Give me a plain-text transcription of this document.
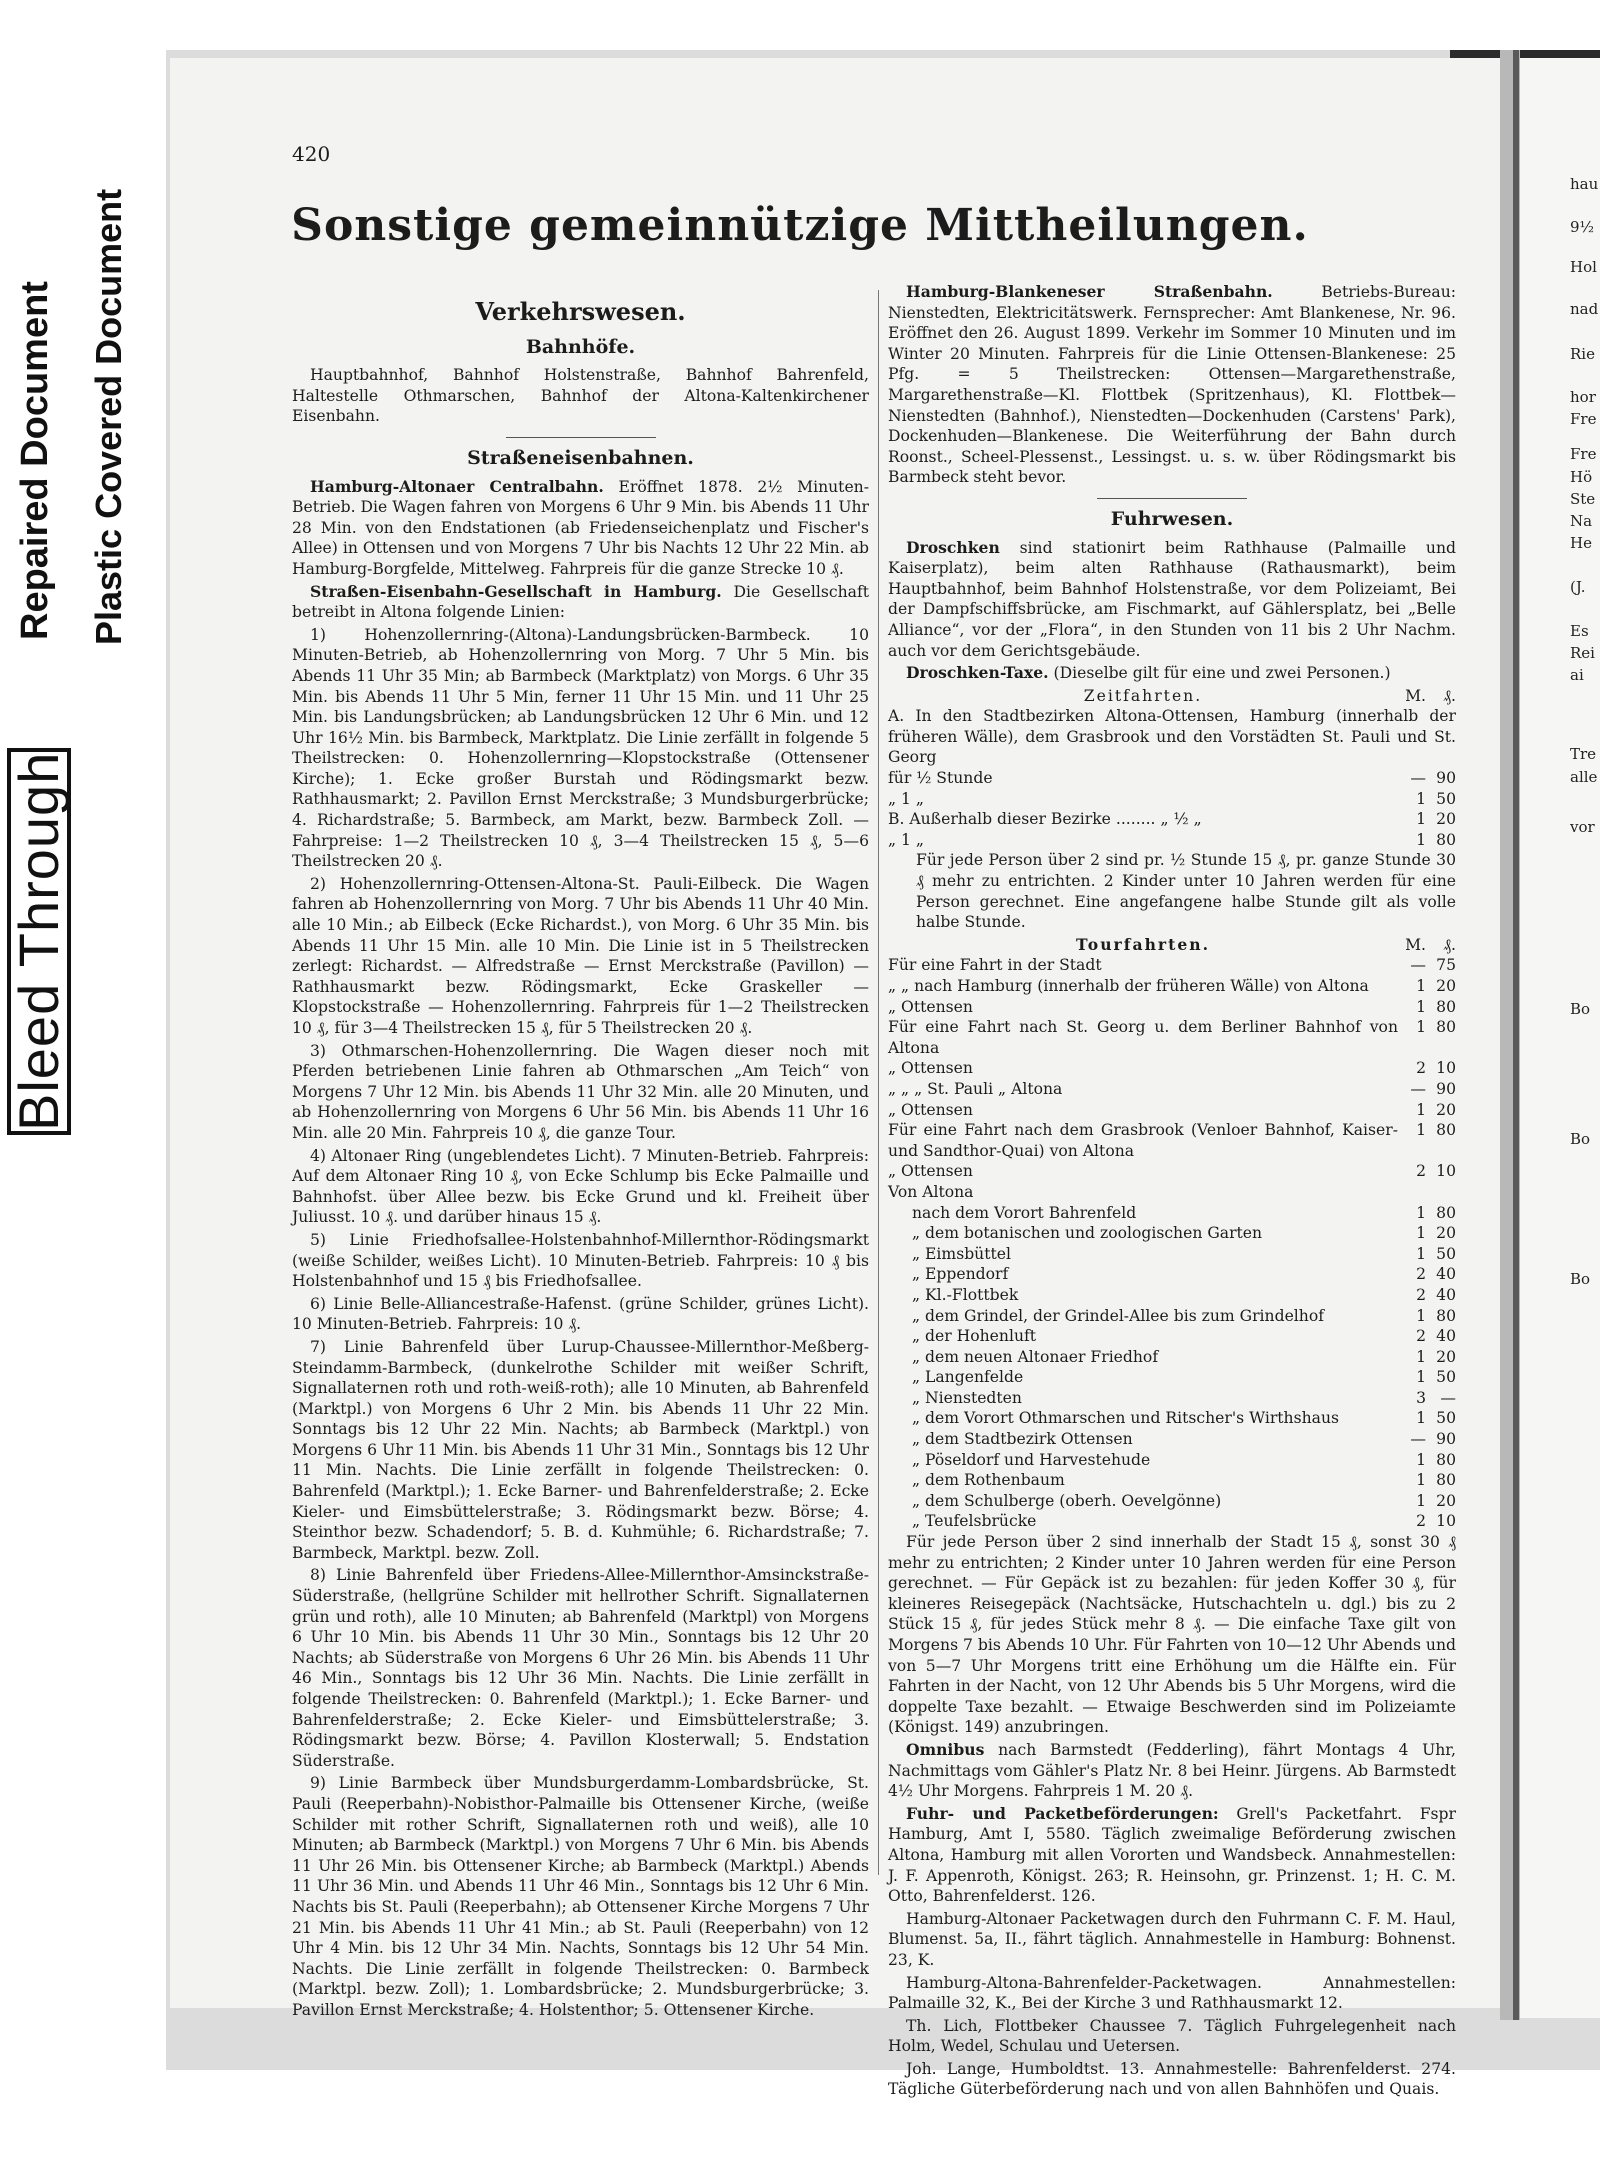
Repaired Document Plastic Covered Document
Bleed Through
420
Sonstige gemeinnützige Mittheilungen.
Verkehrswesen.
Bahnhöfe.

Hauptbahnhof, Bahnhof Holstenstraße, Bahnhof Bahrenfeld, Haltestelle Othmarschen, Bahnhof der Altona-Kaltenkirchener Eisenbahn.

Straßeneisenbahnen.

Hamburg-Altonaer Centralbahn. Eröffnet 1878. 2½ Minuten-Betrieb. Die Wagen fahren von Morgens 6 Uhr 9 Min. bis Abends 11 Uhr 28 Min. von den Endstationen (ab Friedenseichenplatz und Fischer's Allee) in Ottensen und von Morgens 7 Uhr bis Nachts 12 Uhr 22 Min. ab Hamburg-Borgfelde, Mittelweg. Fahrpreis für die ganze Strecke 10 ₰.

Straßen-Eisenbahn-Gesellschaft in Hamburg. Die Gesellschaft betreibt in Altona folgende Linien:

1) Hohenzollernring-(Altona)-Landungsbrücken-Barmbeck. 10 Minuten-Betrieb, ab Hohenzollernring von Morg. 7 Uhr 5 Min. bis Abends 11 Uhr 35 Min; ab Barmbeck (Marktplatz) von Morgs. 6 Uhr 35 Min. bis Abends 11 Uhr 5 Min, ferner 11 Uhr 15 Min. und 11 Uhr 25 Min. bis Landungsbrücken; ab Landungsbrücken 12 Uhr 6 Min. und 12 Uhr 16½ Min. bis Barmbeck, Marktplatz. Die Linie zerfällt in folgende 5 Theilstrecken: 0. Hohenzollernring—Klopstockstraße (Ottensener Kirche); 1. Ecke großer Burstah und Rödingsmarkt bezw. Rathhausmarkt; 2. Pavillon Ernst Merckstraße; 3 Mundsburgerbrücke; 4. Richardstraße; 5. Barmbeck, am Markt, bezw. Barmbeck Zoll. — Fahrpreise: 1—2 Theilstrecken 10 ₰, 3—4 Theilstrecken 15 ₰, 5—6 Theilstrecken 20 ₰.

2) Hohenzollernring-Ottensen-Altona-St. Pauli-Eilbeck. Die Wagen fahren ab Hohenzollernring von Morg. 7 Uhr bis Abends 11 Uhr 40 Min. alle 10 Min.; ab Eilbeck (Ecke Richardst.), von Morg. 6 Uhr 35 Min. bis Abends 11 Uhr 15 Min. alle 10 Min. Die Linie ist in 5 Theilstrecken zerlegt: Richardst. — Alfredstraße — Ernst Merckstraße (Pavillon) — Rathhausmarkt bezw. Rödingsmarkt, Ecke Graskeller — Klopstockstraße — Hohenzollernring. Fahrpreis für 1—2 Theilstrecken 10 ₰, für 3—4 Theilstrecken 15 ₰, für 5 Theilstrecken 20 ₰.

3) Othmarschen-Hohenzollernring. Die Wagen dieser noch mit Pferden betriebenen Linie fahren ab Othmarschen „Am Teich“ von Morgens 7 Uhr 12 Min. bis Abends 11 Uhr 32 Min. alle 20 Minuten, und ab Hohenzollernring von Morgens 6 Uhr 56 Min. bis Abends 11 Uhr 16 Min. alle 20 Min. Fahrpreis 10 ₰, die ganze Tour.

4) Altonaer Ring (ungeblendetes Licht). 7 Minuten-Betrieb. Fahrpreis: Auf dem Altonaer Ring 10 ₰, von Ecke Schlump bis Ecke Palmaille und Bahnhofst. über Allee bezw. bis Ecke Grund und kl. Freiheit über Juliusst. 10 ₰. und darüber hinaus 15 ₰.

5) Linie Friedhofsallee-Holstenbahnhof-Millernthor-Rödingsmarkt (weiße Schilder, weißes Licht). 10 Minuten-Betrieb. Fahrpreis: 10 ₰ bis Holstenbahnhof und 15 ₰ bis Friedhofsallee.

6) Linie Belle-Alliancestraße-Hafenst. (grüne Schilder, grünes Licht). 10 Minuten-Betrieb. Fahrpreis: 10 ₰.

7) Linie Bahrenfeld über Lurup-Chaussee-Millernthor-Meßberg-Steindamm-Barmbeck, (dunkelrothe Schilder mit weißer Schrift, Signallaternen roth und roth-weiß-roth); alle 10 Minuten, ab Bahrenfeld (Marktpl.) von Morgens 6 Uhr 2 Min. bis Abends 11 Uhr 22 Min. Sonntags bis 12 Uhr 22 Min. Nachts; ab Barmbeck (Marktpl.) von Morgens 6 Uhr 11 Min. bis Abends 11 Uhr 31 Min., Sonntags bis 12 Uhr 11 Min. Nachts. Die Linie zerfällt in folgende Theilstrecken: 0. Bahrenfeld (Marktpl.); 1. Ecke Barner- und Bahrenfelderstraße; 2. Ecke Kieler- und Eimsbüttelerstraße; 3. Rödingsmarkt bezw. Börse; 4. Steinthor bezw. Schadendorf; 5. B. d. Kuhmühle; 6. Richardstraße; 7. Barmbeck, Marktpl. bezw. Zoll.

8) Linie Bahrenfeld über Friedens-Allee-Millernthor-Amsinckstraße-Süderstraße, (hellgrüne Schilder mit hellrother Schrift. Signallaternen grün und roth), alle 10 Minuten; ab Bahrenfeld (Marktpl) von Morgens 6 Uhr 10 Min. bis Abends 11 Uhr 30 Min., Sonntags bis 12 Uhr 20 Nachts; ab Süderstraße von Morgens 6 Uhr 26 Min. bis Abends 11 Uhr 46 Min., Sonntags bis 12 Uhr 36 Min. Nachts. Die Linie zerfällt in folgende Theilstrecken: 0. Bahrenfeld (Marktpl.); 1. Ecke Barner- und Bahrenfelderstraße; 2. Ecke Kieler- und Eimsbüttelerstraße; 3. Rödingsmarkt bezw. Börse; 4. Pavillon Klosterwall; 5. Endstation Süderstraße.

9) Linie Barmbeck über Mundsburgerdamm-Lombardsbrücke, St. Pauli (Reeperbahn)-Nobisthor-Palmaille bis Ottensener Kirche, (weiße Schilder mit rother Schrift, Signallaternen roth und weiß), alle 10 Minuten; ab Barmbeck (Marktpl.) von Morgens 7 Uhr 6 Min. bis Abends 11 Uhr 26 Min. bis Ottensener Kirche; ab Barmbeck (Marktpl.) Abends 11 Uhr 36 Min. und Abends 11 Uhr 46 Min., Sonntags bis 12 Uhr 6 Min. Nachts bis St. Pauli (Reeperbahn); ab Ottensener Kirche Morgens 7 Uhr 21 Min. bis Abends 11 Uhr 41 Min.; ab St. Pauli (Reeperbahn) von 12 Uhr 4 Min. bis 12 Uhr 34 Min. Nachts, Sonntags bis 12 Uhr 54 Min. Nachts. Die Linie zerfällt in folgende Theilstrecken: 0. Barmbeck (Marktpl. bezw. Zoll); 1. Lombardsbrücke; 2. Mundsburgerbrücke; 3. Pavillon Ernst Merckstraße; 4. Holstenthor; 5. Ottensener Kirche.

Hamburg-Blankeneser Straßenbahn.	Betriebs-Bureau: Nienstedten, Elektricitätswerk. Fernsprecher: Amt Blankenese, Nr. 96. Eröffnet den 26. August 1899. Verkehr im Sommer 10 Minuten und im Winter 20 Minuten. Fahrpreis für die Linie Ottensen-Blankenese: 25 Pfg. = 5 Theilstrecken: Ottensen—Margarethenstraße, Margarethenstraße—Kl. Flottbek (Spritzenhaus), Kl. Flottbek—Nienstedten (Bahnhof.), Nienstedten—Dockenhuden (Carstens' Park), Dockenhuden—Blankenese. Die Weiterführung der Bahn durch Roonst., Scheel-Plessenst., Lessingst. u. s. w. über Rödingsmarkt bis Barmbeck steht bevor.

Fuhrwesen.

Droschken sind stationirt beim Rathhause (Palmaille und Kaiserplatz), beim alten Rathhause (Rathausmarkt), beim Hauptbahnhof, beim Bahnhof Holstenstraße, vor dem Polizeiamt, Bei der Dampfschiffsbrücke, am Fischmarkt, auf Gählersplatz, bei „Belle Alliance“, vor der „Flora“, in den Stunden von 11 bis 2 Uhr Nachm. auch vor dem Gerichtsgebäude.

Droschken-Taxe. (Dieselbe gilt für eine und zwei Personen.)

Zeitfahrten.	M.	₰.
A. In den Stadtbezirken Altona-Ottensen, Hamburg (innerhalb der früheren Wälle), dem Grasbrook und den Vorstädten St. Pauli und St. Georg		
für ½ Stunde	—	90
„ 1 „	1	50
B. Außerhalb dieser Bezirke ........ „ ½ „	1	20
„ 1 „	1	80

Für jede Person über 2 sind pr. ½ Stunde 15 ₰, pr. ganze Stunde 30 ₰ mehr zu entrichten. 2 Kinder unter 10 Jahren werden für eine Person gerechnet. Eine angefangene halbe Stunde gilt als volle halbe Stunde.

Tourfahrten.	M.	₰.
Für eine Fahrt in der Stadt	—	75
„ „ nach Hamburg (innerhalb der früheren Wälle) von Altona	1	20
„ Ottensen	1	80
Für eine Fahrt nach St. Georg u. dem Berliner Bahnhof von Altona	1	80
„ Ottensen	2	10
„ „ „ St. Pauli „ Altona	—	90
„ Ottensen	1	20
Für eine Fahrt nach dem Grasbrook (Venloer Bahnhof, Kaiser- und Sandthor-Quai) von Altona	1	80
„ Ottensen	2	10
Von Altona		
nach dem Vorort Bahrenfeld	1	80
„ dem botanischen und zoologischen Garten	1	20
„ Eimsbüttel	1	50
„ Eppendorf	2	40
„ Kl.-Flottbek	2	40
„ dem Grindel, der Grindel-Allee bis zum Grindelhof	1	80
„ der Hohenluft	2	40
„ dem neuen Altonaer Friedhof	1	20
„ Langenfelde	1	50
„ Nienstedten	3	—
„ dem Vorort Othmarschen und Ritscher's Wirthshaus	1	50
„ dem Stadtbezirk Ottensen	—	90
„ Pöseldorf und Harvestehude	1	80
„ dem Rothenbaum	1	80
„ dem Schulberge (oberh. Oevelgönne)	1	20
„ Teufelsbrücke	2	10

Für jede Person über 2 sind innerhalb der Stadt 15 ₰, sonst 30 ₰ mehr zu entrichten; 2 Kinder unter 10 Jahren werden für eine Person gerechnet. — Für Gepäck ist zu bezahlen: für jeden Koffer 30 ₰, für kleineres Reisegepäck (Nachtsäcke, Hutschachteln u. dgl.) bis zu 2 Stück 15 ₰, für jedes Stück mehr 8 ₰. — Die einfache Taxe gilt von Morgens 7 bis Abends 10 Uhr. Für Fahrten von 10—12 Uhr Abends und von 5—7 Uhr Morgens tritt eine Erhöhung um die Hälfte ein. Für Fahrten in der Nacht, von 12 Uhr Abends bis 5 Uhr Morgens, wird die doppelte Taxe bezahlt. — Etwaige Beschwerden sind im Polizeiamte (Königst. 149) anzubringen.

Omnibus nach Barmstedt (Fedderling), fährt Montags 4 Uhr, Nachmittags vom Gähler's Platz Nr. 8 bei Heinr. Jürgens. Ab Barmstedt 4½ Uhr Morgens. Fahrpreis 1 M. 20 ₰.

Fuhr- und Packetbeförderungen: Grell's Packetfahrt. Fspr Hamburg, Amt I, 5580. Täglich zweimalige Beförderung zwischen Altona, Hamburg mit allen Vororten und Wandsbeck. Annahmestellen: J. F. Appenroth, Königst. 263; R. Heinsohn, gr. Prinzenst. 1; H. C. M. Otto, Bahrenfelderst. 126.

Hamburg-Altonaer Packetwagen durch den Fuhrmann C. F. M. Haul, Blumenst. 5a, II., fährt täglich. Annahmestelle in Hamburg: Bohnenst. 23, K.

Hamburg-Altona-Bahrenfelder-Packetwagen. Annahmestellen: Palmaille 32, K., Bei der Kirche 3 und Rathhausmarkt 12.

Th. Lich, Flottbeker Chaussee 7. Täglich Fuhrgelegenheit nach Holm, Wedel, Schulau und Uetersen.

Joh. Lange, Humboldtst. 13. Annahmestelle: Bahrenfelderst. 274. Tägliche Güterbeförderung nach und von allen Bahnhöfen und Quais.

hau
9½
Hol
nad
Rie
hor
Fre
Fre
Hö
Ste
Na
He
(J.
Es
Rei
ai
Tre
alle
vor
Bo
Bo
Bo
